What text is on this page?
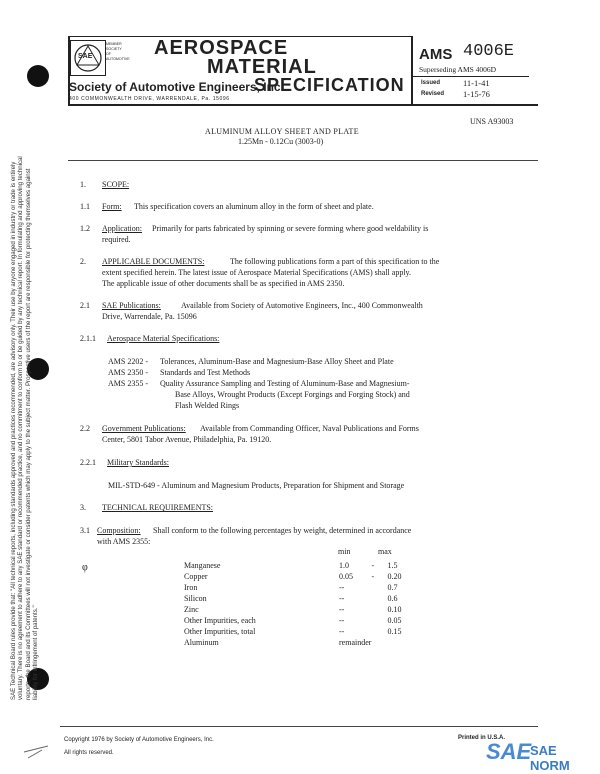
SAE Technical Board rules provide that: "All technical reports, including standards approved and practices recommended, are advisory only. Their use by anyone engaged in industry or trade is entirely voluntary. There is no agreement to adhere to any SAE standard or recommended practice, and no commitment to conform to or be guided by any technical report. In formulating and approving technical reports, the Board and its Committees will not investigate or consider patents which may apply to the subject matter. Prospective users of the report are responsible for protecting themselves against liability for infringement of patents."

SAE
MEMBER
SOCIETY
OF
AUTOMOTIVE AEROSPACE
MATERIAL
SPECIFICATION
Society of Automotive Engineers, Inc.
400 COMMONWEALTH DRIVE, WARRENDALE, Pa. 15096
AMS 4006E
Superseding AMS 4006D
Issued	11-1-41
Revised 1-15-76
UNS A93003
ALUMINUM ALLOY SHEET AND PLATE
1.25Mn - 0.12Cu (3003-0)
1. SCOPE:
1.1 Form: This specification covers an aluminum alloy in the form of sheet and plate.
1.2 Application: Primarily for parts fabricated by spinning or severe forming where good weldability is
required.
2. APPLICABLE DOCUMENTS:	The following publications form a part of this specification to the
extent specified herein. The latest issue of Aerospace Material Specifications (AMS) shall apply.
The applicable issue of other documents shall be as specified in AMS 2350.
2.1 SAE Publications:	Available from Society of Automotive Engineers, Inc., 400 Commonwealth
Drive, Warrendale, Pa. 15096
2.1.1 Aerospace Material Specifications:
AMS 2202 - Tolerances, Aluminum-Base and Magnesium-Base Alloy Sheet and Plate
AMS 2350 - Standards and Test Methods
AMS 2355 - Quality Assurance Sampling and Testing of Aluminum-Base and Magnesium-
Base Alloys, Wrought Products (Except Forgings and Forging Stock) and
Flash Welded Rings
2.2 Government Publications: Available from Commanding Officer, Naval Publications and Forms
Center, 5801 Tabor Avenue, Philadelphia, Pa. 19120.
2.2.1 Military Standards:
MIL-STD-649 - Aluminum and Magnesium Products, Preparation for Shipment and Storage
3. TECHNICAL REQUIREMENTS:
3.1 Composition: Shall conform to the following percentages by weight, determined in accordance
with AMS 2355:
min	max
φ	Manganese	1.0	-	1.5
Copper	0.05	-	0.20
Iron	--		0.7
Silicon	--		0.6
Zinc	--		0.10
Other Impurities, each	--		0.05
Other Impurities, total	--		0.15
Aluminum	remainder		
Copyright 1976 by Society of Automotive Engineers, Inc.
All rights reserved.
Printed in U.S.A.
SAE
SAE NORM
